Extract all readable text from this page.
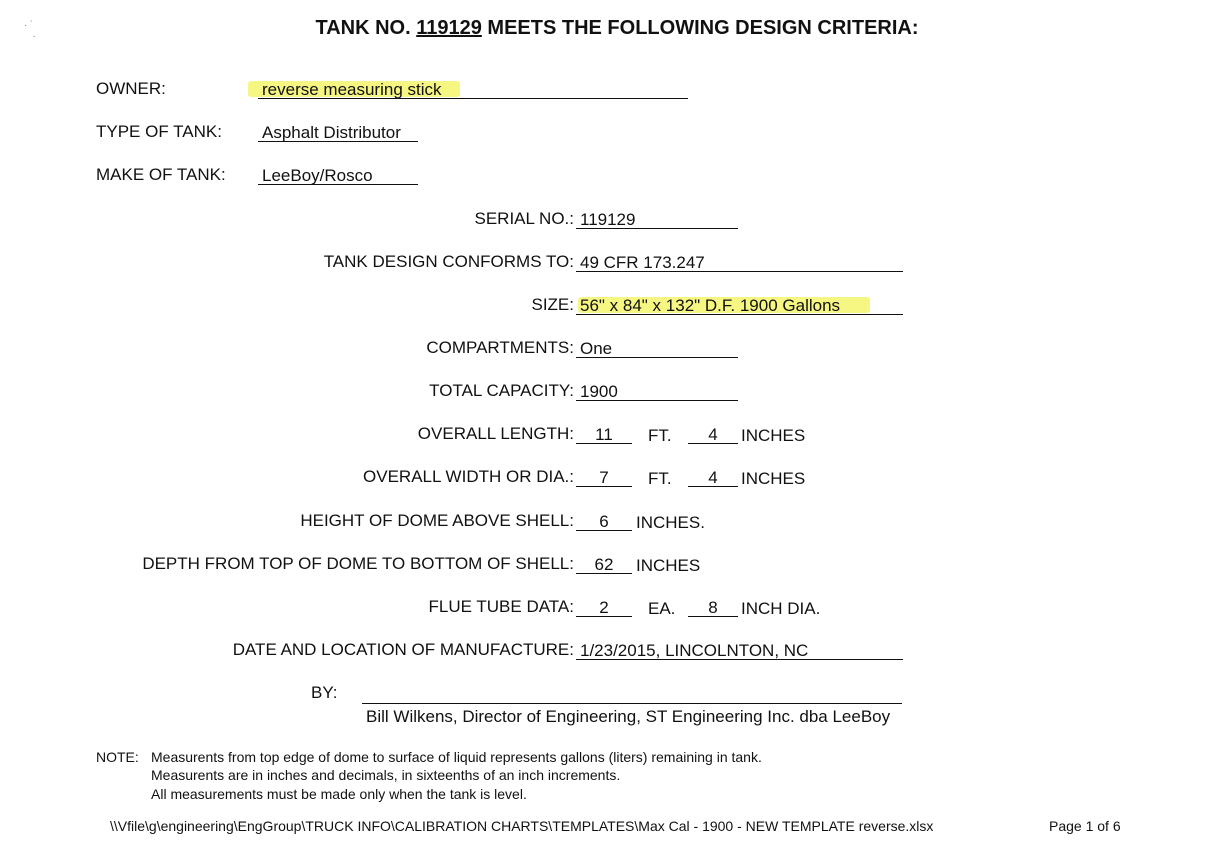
· ˙
·	TANK NO. 119129 MEETS THE FOLLOWING DESIGN CRITERIA:
OWNER:	reverse measuring stick
TYPE OF TANK: Asphalt Distributor
MAKE OF TANK: LeeBoy/Rosco
SERIAL NO.: 119129
TANK DESIGN CONFORMS TO: 49 CFR 173.247
SIZE: 56" x 84" x 132" D.F. 1900 Gallons
COMPARTMENTS: One
TOTAL CAPACITY: 1900
OVERALL LENGTH:	11	FT.	4	INCHES
OVERALL WIDTH OR DIA.:	7	FT.	4	INCHES
HEIGHT OF DOME ABOVE SHELL:	6	INCHES.
DEPTH FROM TOP OF DOME TO BOTTOM OF SHELL:	62	INCHES
FLUE TUBE DATA:	2	EA.	8	INCH DIA.
DATE AND LOCATION OF MANUFACTURE: 1/23/2015, LINCOLNTON, NC
BY:
Bill Wilkens, Director of Engineering, ST Engineering Inc. dba LeeBoy
NOTE: Measurents from top edge of dome to surface of liquid represents gallons (liters) remaining in tank.
Measurents are in inches and decimals, in sixteenths of an inch increments.
All measurements must be made only when the tank is level.
\\Vfile\g\engineering\EngGroup\TRUCK INFO\CALIBRATION CHARTS\TEMPLATES\Max Cal - 1900 - NEW TEMPLATE reverse.xlsx	Page 1 of 6
